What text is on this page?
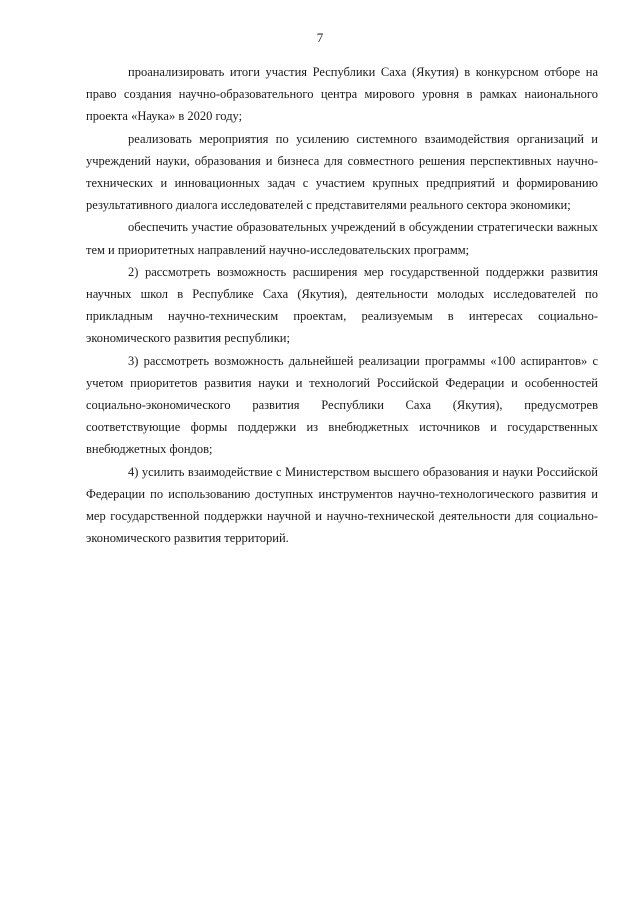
7

проанализировать итоги участия Республики Саха (Якутия) в конкурсном отборе на право создания научно-образовательного центра мирового уровня в рамках наионального проекта «Наука» в 2020 году;

реализовать мероприятия по усилению системного взаимодействия организаций и учреждений науки, образования и бизнеса для совместного решения перспективных научно-технических и инновационных задач с участием крупных предприятий и формированию результативного диалога исследователей с представителями реального сектора экономики;

обеспечить участие образовательных учреждений в обсуждении стратегически важных тем и приоритетных направлений научно-исследовательских программ;

2) рассмотреть возможность расширения мер государственной поддержки развития научных школ в Республике Саха (Якутия), деятельности молодых исследователей по прикладным научно-техническим проектам, реализуемым в интересах социально-экономического развития республики;

3) рассмотреть возможность дальнейшей реализации программы «100 аспирантов» с учетом приоритетов развития науки и технологий Российской Федерации и особенностей социально-экономического развития Республики Саха (Якутия), предусмотрев соответствующие формы поддержки из внебюджетных источников и государственных внебюджетных фондов;

4) усилить взаимодействие с Министерством высшего образования и науки Российской Федерации по использованию доступных инструментов научно-технологического развития и мер государственной поддержки научной и научно-технической деятельности для социально-экономического развития территорий.
